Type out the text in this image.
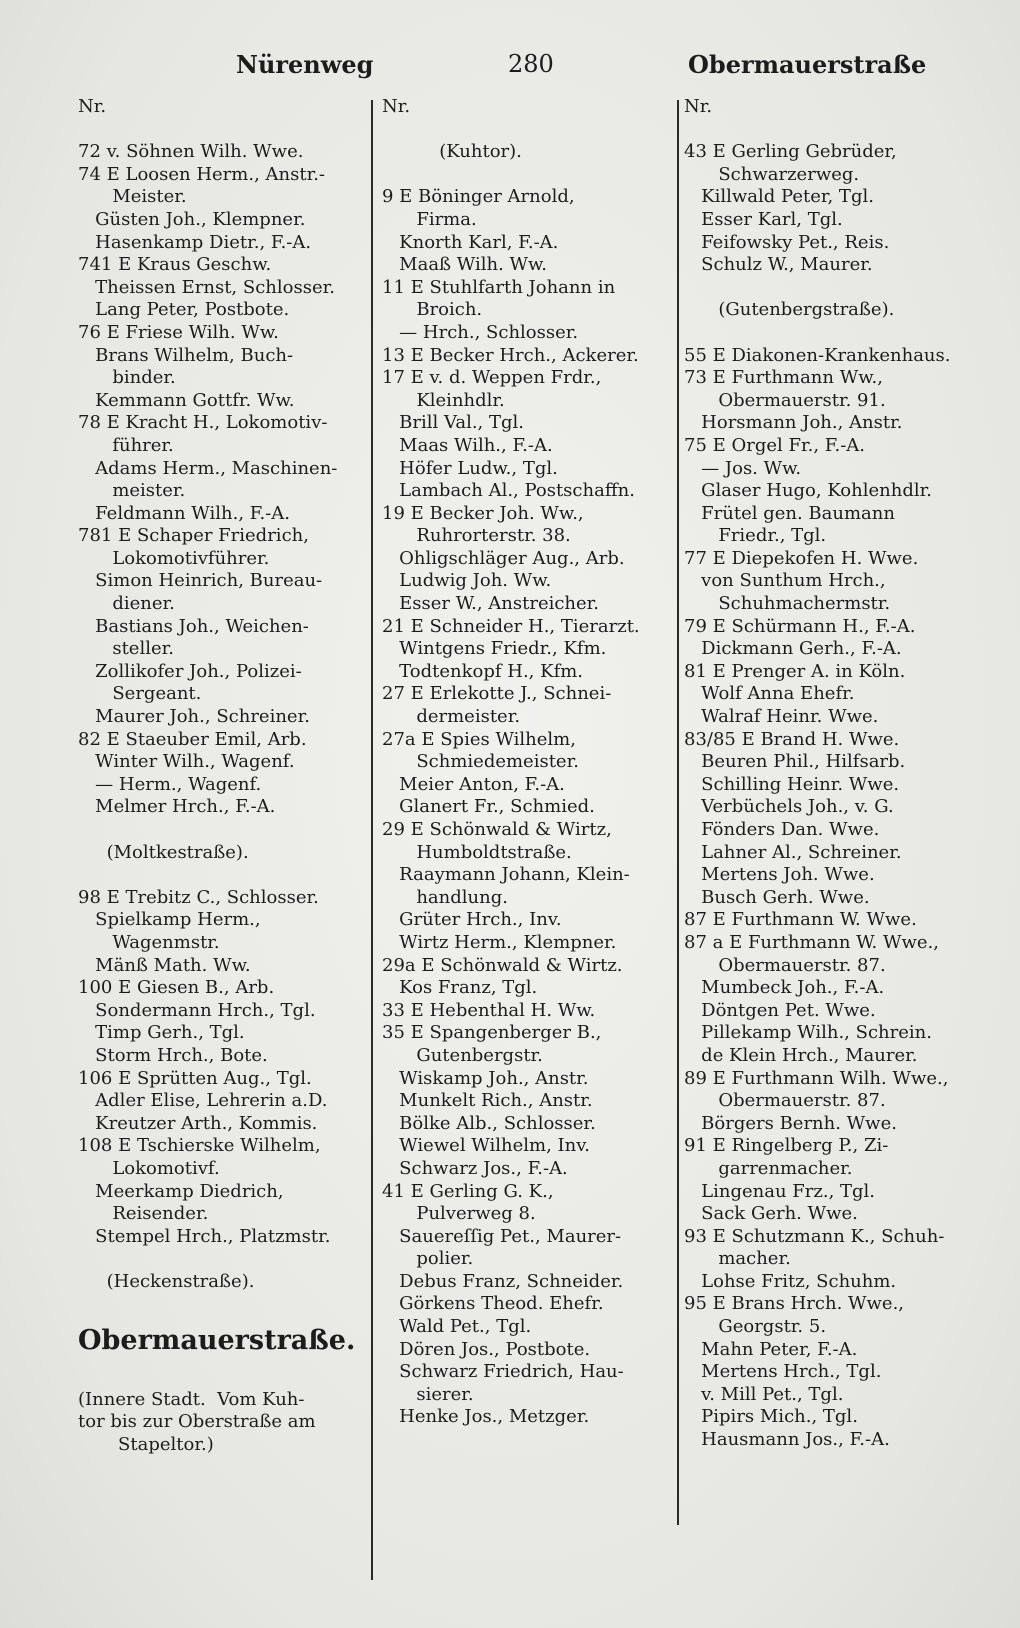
Nürenweg	280	Obermauerstraße
Nr.
72 v. Söhnen Wilh. Wwe.
74 E Loosen Herm., Anstr.-
Meister.
Güsten Joh., Klempner.
Hasenkamp Dietr., F.-A.
741 E Kraus Geschw.
Theissen Ernst, Schlosser.
Lang Peter, Postbote.
76 E Friese Wilh. Ww.
Brans Wilhelm, Buch-
binder.
Kemmann Gottfr. Ww.
78 E Kracht H., Lokomotiv-
führer.
Adams Herm., Maschinen-
meister.
Feldmann Wilh., F.-A.
781 E Schaper Friedrich,
Lokomotivführer.
Simon Heinrich, Bureau-
diener.
Bastians Joh., Weichen-
steller.
Zollikofer Joh., Polizei-
Sergeant.
Maurer Joh., Schreiner.
82 E Staeuber Emil, Arb.
Winter Wilh., Wagenf.
— Herm., Wagenf.
Melmer Hrch., F.-A.
(Moltkestraße).
98 E Trebitz C., Schlosser.
Spielkamp Herm.,
Wagenmstr.
Mänß Math. Ww.
100 E Giesen B., Arb.
Sondermann Hrch., Tgl.
Timp Gerh., Tgl.
Storm Hrch., Bote.
106 E Sprütten Aug., Tgl.
Adler Elise, Lehrerin a.D.
Kreutzer Arth., Kommis.
108 E Tschierske Wilhelm,
Lokomotivf.
Meerkamp Diedrich,
Reisender.
Stempel Hrch., Platzmstr.
(Heckenstraße).
Obermauerstraße.
(Innere Stadt.  Vom Kuh-
tor bis zur Oberstraße am
Stapeltor.)
Nr.
(Kuhtor).
9 E Böninger Arnold,
Firma.
Knorth Karl, F.-A.
Maaß Wilh. Ww.
11 E Stuhlfarth Johann in
Broich.
— Hrch., Schlosser.
13 E Becker Hrch., Ackerer.
17 E v. d. Weppen Frdr.,
Kleinhdlr.
Brill Val., Tgl.
Maas Wilh., F.-A.
Höfer Ludw., Tgl.
Lambach Al., Postschaffn.
19 E Becker Joh. Ww.,
Ruhrorterstr. 38.
Ohligschläger Aug., Arb.
Ludwig Joh. Ww.
Esser W., Anstreicher.
21 E Schneider H., Tierarzt.
Wintgens Friedr., Kfm.
Todtenkopf H., Kfm.
27 E Erlekotte J., Schnei-
dermeister.
27a E Spies Wilhelm,
Schmiedemeister.
Meier Anton, F.-A.
Glanert Fr., Schmied.
29 E Schönwald & Wirtz,
Humboldtstraße.
Raaymann Johann, Klein-
handlung.
Grüter Hrch., Inv.
Wirtz Herm., Klempner.
29a E Schönwald & Wirtz.
Kos Franz, Tgl.
33 E Hebenthal H. Ww.
35 E Spangenberger B.,
Gutenbergstr.
Wiskamp Joh., Anstr.
Munkelt Rich., Anstr.
Bölke Alb., Schlosser.
Wiewel Wilhelm, Inv.
Schwarz Jos., F.-A.
41 E Gerling G. K.,
Pulverweg 8.
Sauereſſig Pet., Maurer-
polier.
Debus Franz, Schneider.
Görkens Theod. Ehefr.
Wald Pet., Tgl.
Dören Jos., Postbote.
Schwarz Friedrich, Hau-
sierer.
Henke Jos., Metzger.
Nr.
43 E Gerling Gebrüder,
Schwarzerweg.
Killwald Peter, Tgl.
Esser Karl, Tgl.
Feifowsky Pet., Reis.
Schulz W., Maurer.
(Gutenbergstraße).
55 E Diakonen-Krankenhaus.
73 E Furthmann Ww.,
Obermauerstr. 91.
Horsmann Joh., Anstr.
75 E Orgel Fr., F.-A.
— Jos. Ww.
Glaser Hugo, Kohlenhdlr.
Frütel gen. Baumann
Friedr., Tgl.
77 E Diepekofen H. Wwe.
von Sunthum Hrch.,
Schuhmachermstr.
79 E Schürmann H., F.-A.
Dickmann Gerh., F.-A.
81 E Prenger A. in Köln.
Wolf Anna Ehefr.
Walraf Heinr. Wwe.
83/85 E Brand H. Wwe.
Beuren Phil., Hilfsarb.
Schilling Heinr. Wwe.
Verbüchels Joh., v. G.
Fönders Dan. Wwe.
Lahner Al., Schreiner.
Mertens Joh. Wwe.
Busch Gerh. Wwe.
87 E Furthmann W. Wwe.
87 a E Furthmann W. Wwe.,
Obermauerstr. 87.
Mumbeck Joh., F.-A.
Döntgen Pet. Wwe.
Pillekamp Wilh., Schrein.
de Klein Hrch., Maurer.
89 E Furthmann Wilh. Wwe.,
Obermauerstr. 87.
Börgers Bernh. Wwe.
91 E Ringelberg P., Zi-
garrenmacher.
Lingenau Frz., Tgl.
Sack Gerh. Wwe.
93 E Schutzmann K., Schuh-
macher.
Lohse Fritz, Schuhm.
95 E Brans Hrch. Wwe.,
Georgstr. 5.
Mahn Peter, F.-A.
Mertens Hrch., Tgl.
v. Mill Pet., Tgl.
Pipirs Mich., Tgl.
Hausmann Jos., F.-A.
